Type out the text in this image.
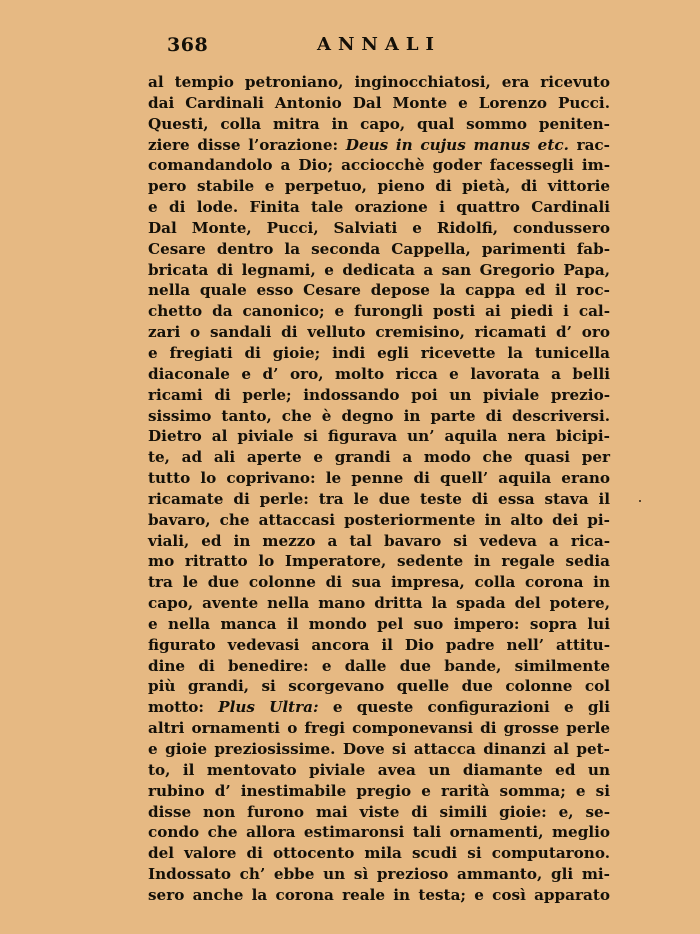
368	ANNALI
al tempio petroniano, inginocchiatosi, era ricevuto
dai Cardinali Antonio Dal Monte e Lorenzo Pucci.
Questi, colla mitra in capo, qual sommo peniten-
ziere disse l’orazione: Deus in cujus manus etc. rac-
comandandolo a Dio; acciocchè goder facessegli im-
pero stabile e perpetuo, pieno di pietà, di vittorie
e di lode. Finita tale orazione i quattro Cardinali
Dal Monte, Pucci, Salviati e Ridolfi, condussero
Cesare dentro la seconda Cappella, parimenti fab-
bricata di legnami, e dedicata a san Gregorio Papa,
nella quale esso Cesare depose la cappa ed il roc-
chetto da canonico; e furongli posti ai piedi i cal-
zari o sandali di velluto cremisino, ricamati d’ oro
e fregiati di gioie; indi egli ricevette la tunicella
diaconale e d’ oro, molto ricca e lavorata a belli
ricami di perle; indossando poi un piviale prezio-
sissimo tanto, che è degno in parte di descriversi.
Dietro al piviale si figurava un’ aquila nera bicipi-
te, ad ali aperte e grandi a modo che quasi per
tutto lo coprivano: le penne di quell’ aquila erano
ricamate di perle: tra le due teste di essa stava il
bavaro, che attaccasi posteriormente in alto dei pi-
viali, ed in mezzo a tal bavaro si vedeva a rica-
mo ritratto lo Imperatore, sedente in regale sedia
tra le due colonne di sua impresa, colla corona in
capo, avente nella mano dritta la spada del potere,
e nella manca il mondo pel suo impero: sopra lui
figurato vedevasi ancora il Dio padre nell’ attitu-
dine di benedire: e dalle due bande, similmente
più grandi, si scorgevano quelle due colonne col
motto: Plus Ultra: e queste configurazioni e gli
altri ornamenti o fregi componevansi di grosse perle
e gioie preziosissime. Dove si attacca dinanzi al pet-
to, il mentovato piviale avea un diamante ed un
rubino d’ inestimabile pregio e rarità somma; e si
disse non furono mai viste di simili gioie: e, se-
condo che allora estimaronsi tali ornamenti, meglio
del valore di ottocento mila scudi si computarono.
Indossato ch’ ebbe un sì prezioso ammanto, gli mi-
sero anche la corona reale in testa; e così apparato
